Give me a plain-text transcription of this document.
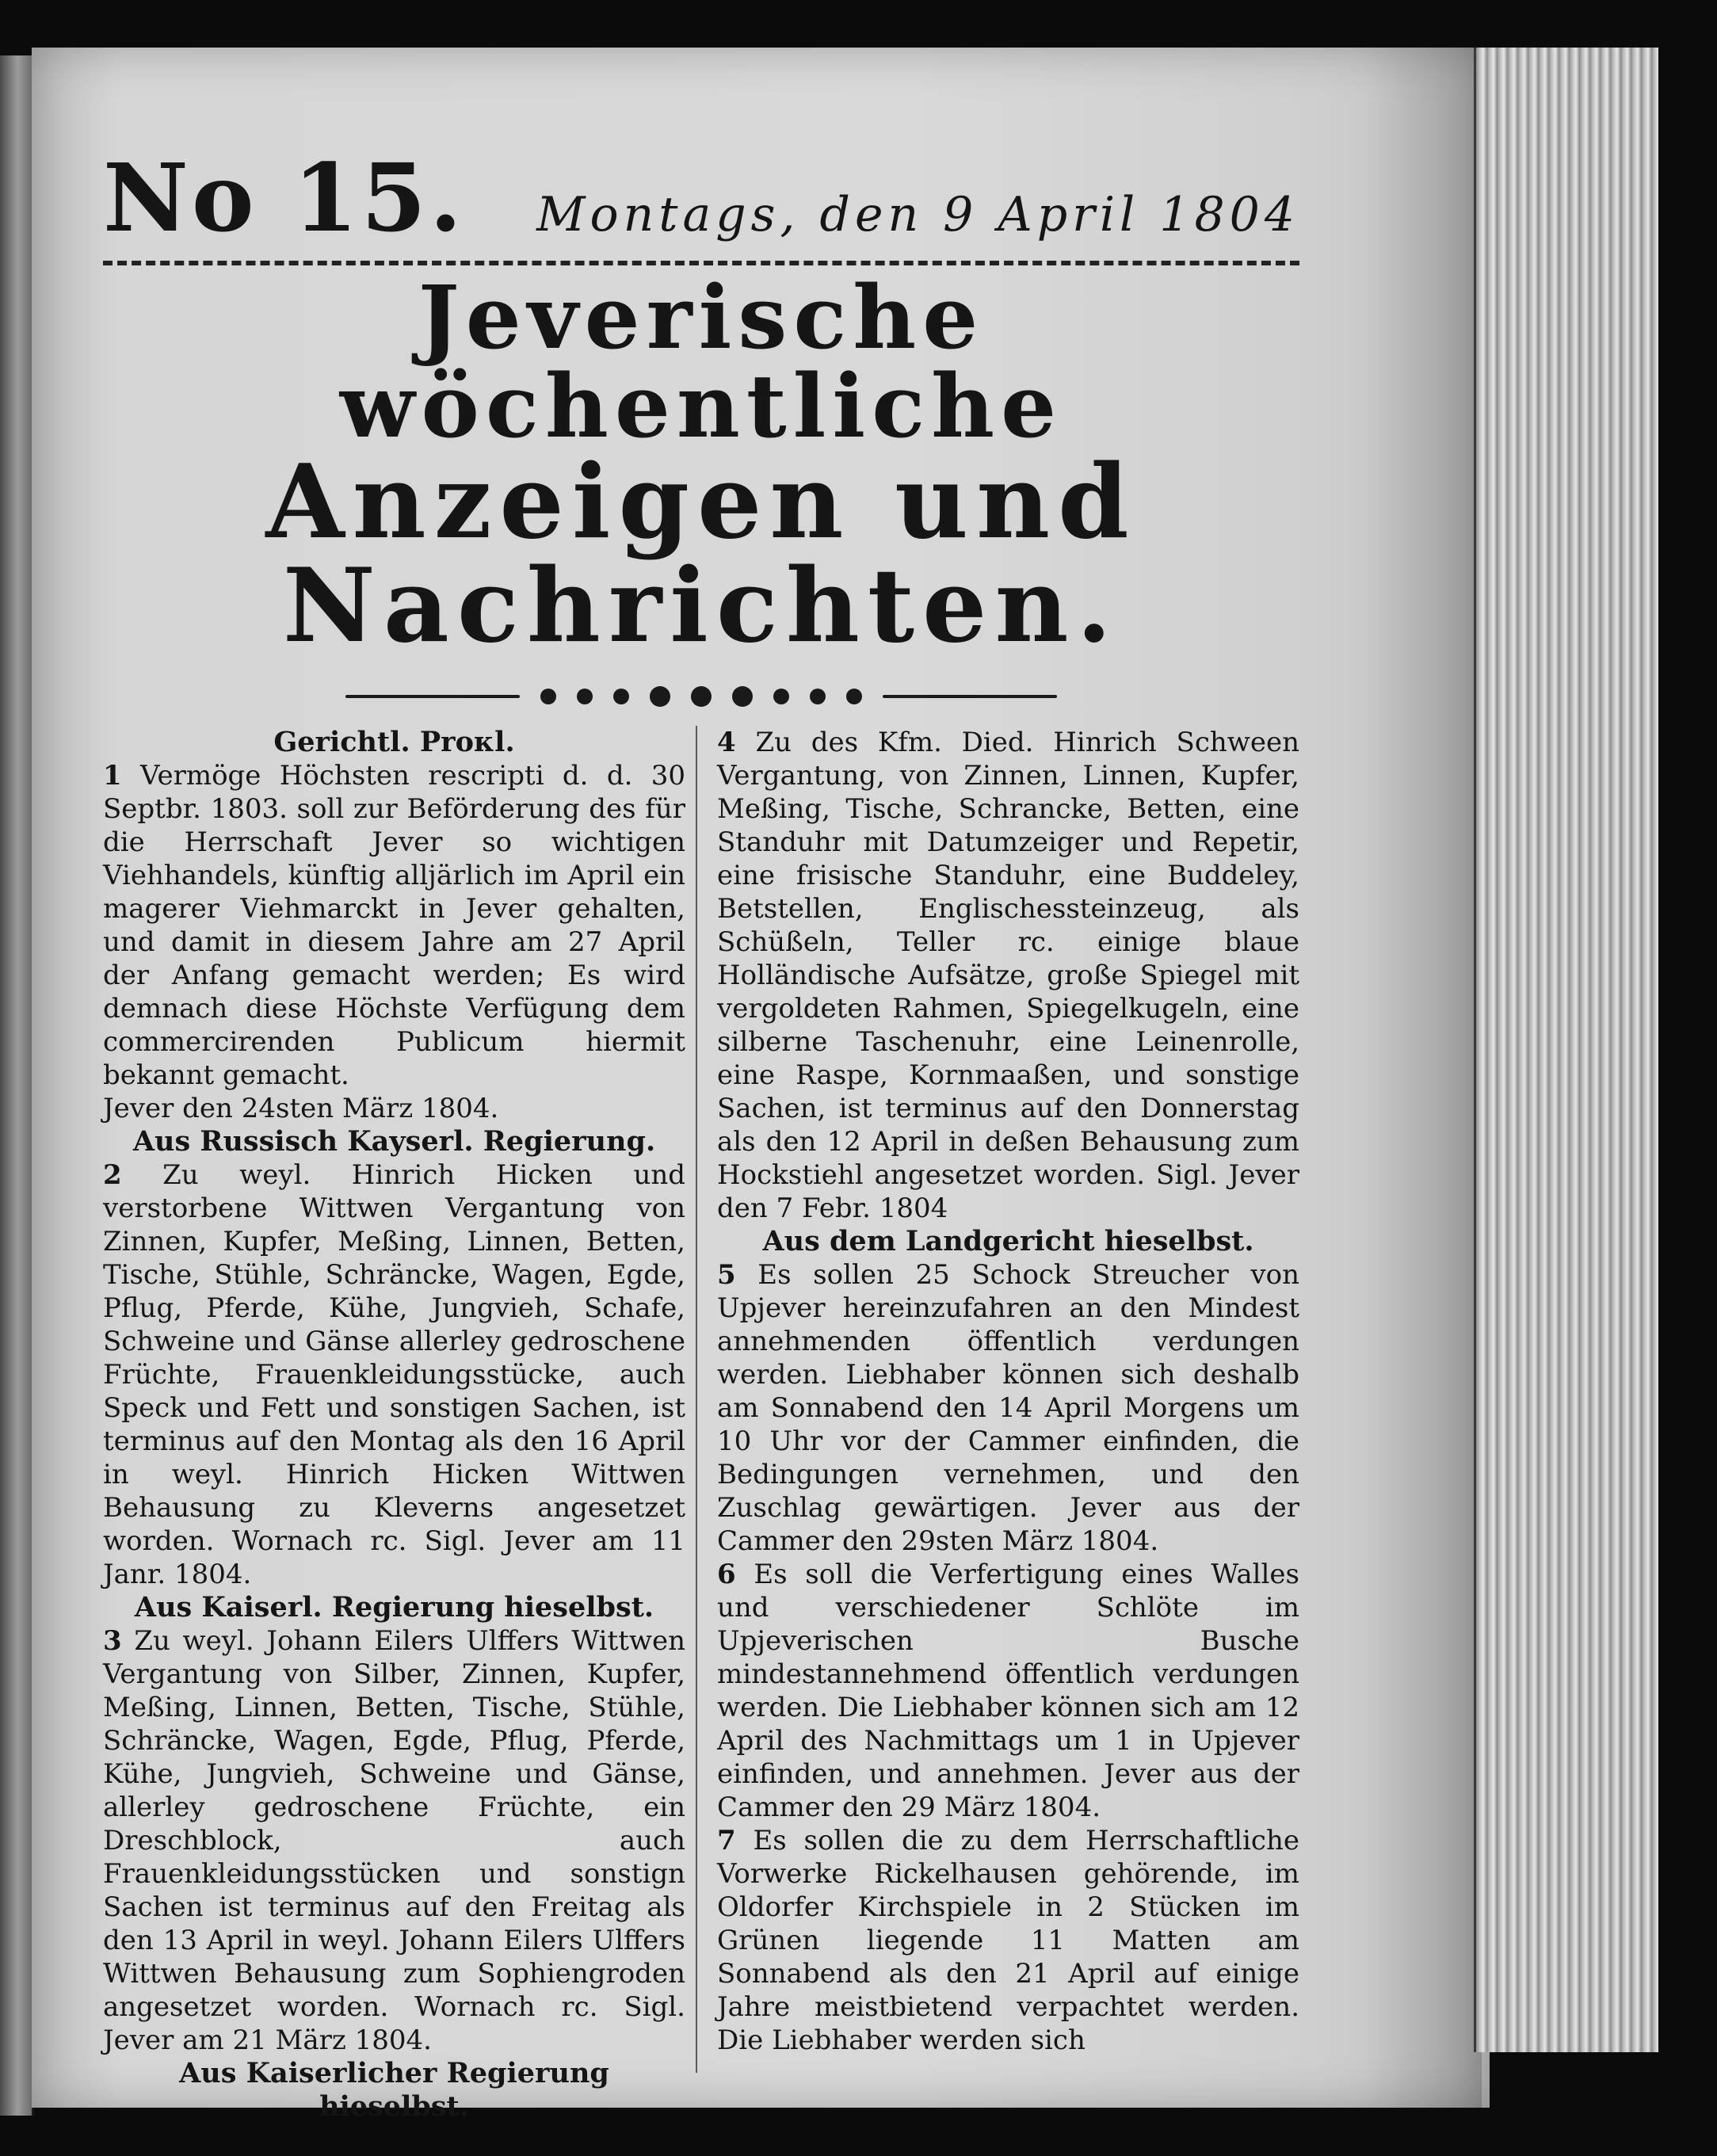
No 15. Montags, den 9 April 1804
Jeverische wöchentliche
Anzeigen und Nachrichten.

Gerichtl. Proκl.

1 Vermöge Höchsten rescripti d. d. 30 Septbr. 1803. soll zur Beförderung des für die Herrschaft Jever so wichtigen Viehhandels, künftig alljärlich im April ein magerer Viehmarckt in Jever gehalten, und damit in diesem Jahre am 27 April der Anfang gemacht werden; Es wird demnach diese Höchste Verfügung dem commercirenden Publicum hiermit bekannt gemacht.

Jever den 24sten März 1804.

Aus Russisch Kayserl. Regierung.

2 Zu weyl. Hinrich Hicken und verstorbene Wittwen Vergantung von Zinnen, Kupfer, Meßing, Linnen, Betten, Tische, Stühle, Schräncke, Wagen, Egde, Pflug, Pferde, Kühe, Jungvieh, Schafe, Schweine und Gänse allerley gedroschene Früchte, Frauenkleidungsstücke, auch Speck und Fett und sonstigen Sachen, ist terminus auf den Montag als den 16 April in weyl. Hinrich Hicken Wittwen Behausung zu Kleverns angesetzet worden. Wornach rc. Sigl. Jever am 11 Janr. 1804.

Aus Kaiserl. Regierung hieselbst.

3 Zu weyl. Johann Eilers Ulffers Wittwen Vergantung von Silber, Zinnen, Kupfer, Meßing, Linnen, Betten, Tische, Stühle, Schräncke, Wagen, Egde, Pflug, Pferde, Kühe, Jungvieh, Schweine und Gänse, allerley gedroschene Früchte, ein Dreschblock, auch Frauenkleidungsstücken und sonstign Sachen ist terminus auf den Freitag als den 13 April in weyl. Johann Eilers Ulffers Wittwen Behausung zum Sophiengroden angesetzet worden. Wornach rc. Sigl. Jever am 21 März 1804.

Aus Kaiserlicher Regierung hieselbst.

4 Zu des Kfm. Died. Hinrich Schween Vergantung, von Zinnen, Linnen, Kupfer, Meßing, Tische, Schrancke, Betten, eine Standuhr mit Datumzeiger und Repetir, eine frisische Standuhr, eine Buddeley, Betstellen, Englischessteinzeug, als Schüßeln, Teller rc. einige blaue Holländische Aufsätze, große Spiegel mit vergoldeten Rahmen, Spiegelkugeln, eine silberne Taschenuhr, eine Leinenrolle, eine Raspe, Kornmaaßen, und sonstige Sachen, ist terminus auf den Donnerstag als den 12 April in deßen Behausung zum Hockstiehl angesetzet worden. Sigl. Jever den 7 Febr. 1804

Aus dem Landgericht hieselbst.

5 Es sollen 25 Schock Streucher von Upjever hereinzufahren an den Mindest annehmenden öffentlich verdungen werden. Liebhaber können sich deshalb am Sonnabend den 14 April Morgens um 10 Uhr vor der Cammer einfinden, die Bedingungen vernehmen, und den Zuschlag gewärtigen. Jever aus der Cammer den 29sten März 1804.

6 Es soll die Verfertigung eines Walles und verschiedener Schlöte im Upjeverischen Busche mindestannehmend öffentlich verdungen werden. Die Liebhaber können sich am 12 April des Nachmittags um 1 in Upjever einfinden, und annehmen. Jever aus der Cammer den 29 März 1804.

7 Es sollen die zu dem Herrschaftliche Vorwerke Rickelhausen gehörende, im Oldorfer Kirchspiele in 2 Stücken im Grünen liegende 11 Matten am Sonnabend als den 21 April auf einige Jahre meistbietend verpachtet werden. Die Liebhaber werden sich
